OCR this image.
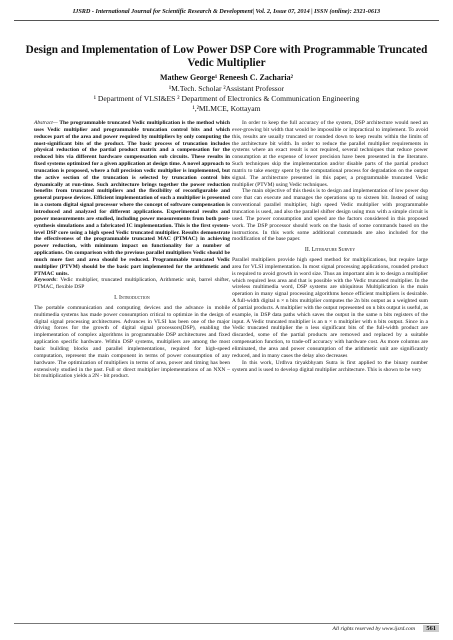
IJSRD - International Journal for Scientific Research & Development| Vol. 2, Issue 07, 2014 | ISSN (online): 2321-0613
Design and Implementation of Low Power DSP Core with Programmable Truncated Vedic Multiplier
Mathew George¹ Reneesh C. Zacharia²
¹M.Tech. Scholar ²Assistant Professor
¹ Department of VLSI&ES ² Department of Electronics & Communication Engineering
¹,²MLMCE, Kottayam

Abstract— The programmable truncated Vedic multiplication is the method which uses Vedic multiplier and programmable truncation control bits and which reduces part of the area and power required by multipliers by only computing the most-significant bits of the product. The basic process of truncation includes physical reduction of the partial product matrix and a compensation for the reduced bits via different hardware compensation sub circuits. These results in fixed systems optimized for a given application at design time. A novel approach to truncation is proposed, where a full precision vedic multiplier is implemented, but the active section of the truncation is selected by truncation control bits dynamically at run-time. Such architecture brings together the power reduction benefits from truncated multipliers and the flexibility of reconfigurable and general purpose devices. Efficient implementation of such a multiplier is presented in a custom digital signal processor where the concept of software compensation is introduced and analyzed for different applications. Experimental results and power measurements are studied, including power measurements from both post-synthesis simulations and a fabricated IC implementation. This is the first system-level DSP core using a high speed Vedic truncated multiplier. Results demonstrate the effectiveness of the programmable truncated MAC (PTMAC) in achieving power reduction, with minimum impact on functionality for a number of applications. On comparison with the previous parallel multipliers Vedic should be much more fast and area should be reduced. Programmable truncated Vedic multiplier (PTVM) should be the basic part implemented for the arithmetic and PTMAC units.

Keywords: Vedic multiplier, truncated multiplication, Arithmetic unit, barrel shifter, PTMAC, flexible DSP

I. Introduction

The portable communication and computing devices and the advance in mobile multimedia systems has made power consumption critical to optimize in the design of digital signal processing architectures. Advances in VLSI has been one of the major driving forces for the growth of digital signal processors(DSP), enabling the implementation of complex algorithms in programmable DSP architectures and fixed application specific hardware. Within DSP systems, multipliers are among the most basic building blocks and parallel implementations, required for high-speed computation, represent the main component in terms of power consumption of any hardware. The optimization of multipliers in terms of area, power and timing has been extensively studied in the past. Full or direct multiplier implementations of an NXN –bit multiplication yields a 2N - bit product.

In order to keep the full accuracy of the system, DSP architecture would need an ever-growing bit width that would be impossible or impractical to implement. To avoid this, results are usually truncated or rounded down to keep results within the limits of the architecture bit width. In order to reduce the parallel multiplier requirements in systems where an exact result is not required, several techniques that reduce power consumption at the expense of lower precision have been presented in the literature. Such techniques skip the implementation and/or disable parts of the partial product matrix to take energy spent by the computational process for degradation on the output signal. The architecture presented in this paper, a programmable truncated Vedic multiplier (PTVM) using Vedic techniques.

The main objective of this thesis is to design and implementation of low power dsp core that can execute and manages the operations up to sixteen bit. Instead of using conventional parallel multiplier, high speed Vedic multiplier with programmable truncation is used, and also the parallel shifter design using mux with a simple circuit is used. The power consumption and speed are the factors considered in this proposed work. The DSP processor should work on the basis of some commands based on the instructions. In this work some additional commands are also included for the modification of the base paper.

II. Literature Survey

Parallel multipliers provide high speed method for multiplications, but require large area for VLSI implementation. In most signal processing applications, rounded product is required to avoid growth in word size. Thus an important aim is to design a multiplier which required less area and that is possible with the Vedic truncated multiplier. In the wireless multimedia word, DSP systems are ubiquitous Multiplication is the main operation in many signal processing algorithms hence efficient multipliers is desirable. A full-width digital n × n bits multiplier computes the 2n bits output as a weighted sum of partial products. A multiplier with the output represented on n bits output is useful, as example, in DSP data paths which saves the output in the same n bits registers of the input. A Vedic truncated multiplier is an n × n multiplier with n bits output. Since in a Vedic truncated multiplier the n less significant bits of the full-width product are discarded, some of the partial products are removed and replaced by a suitable compensation function, to trade-off accuracy with hardware cost. As more columns are eliminated, the area and power consumption of the arithmetic unit are significantly reduced, and in many cases the delay also decreases

In this work, Urdhva tiryakbhyam Sutra is first applied to the binary number system and is used to develop digital multiplier architecture. This is shown to be very

All rights reserved by www.ijsrd.com	561
